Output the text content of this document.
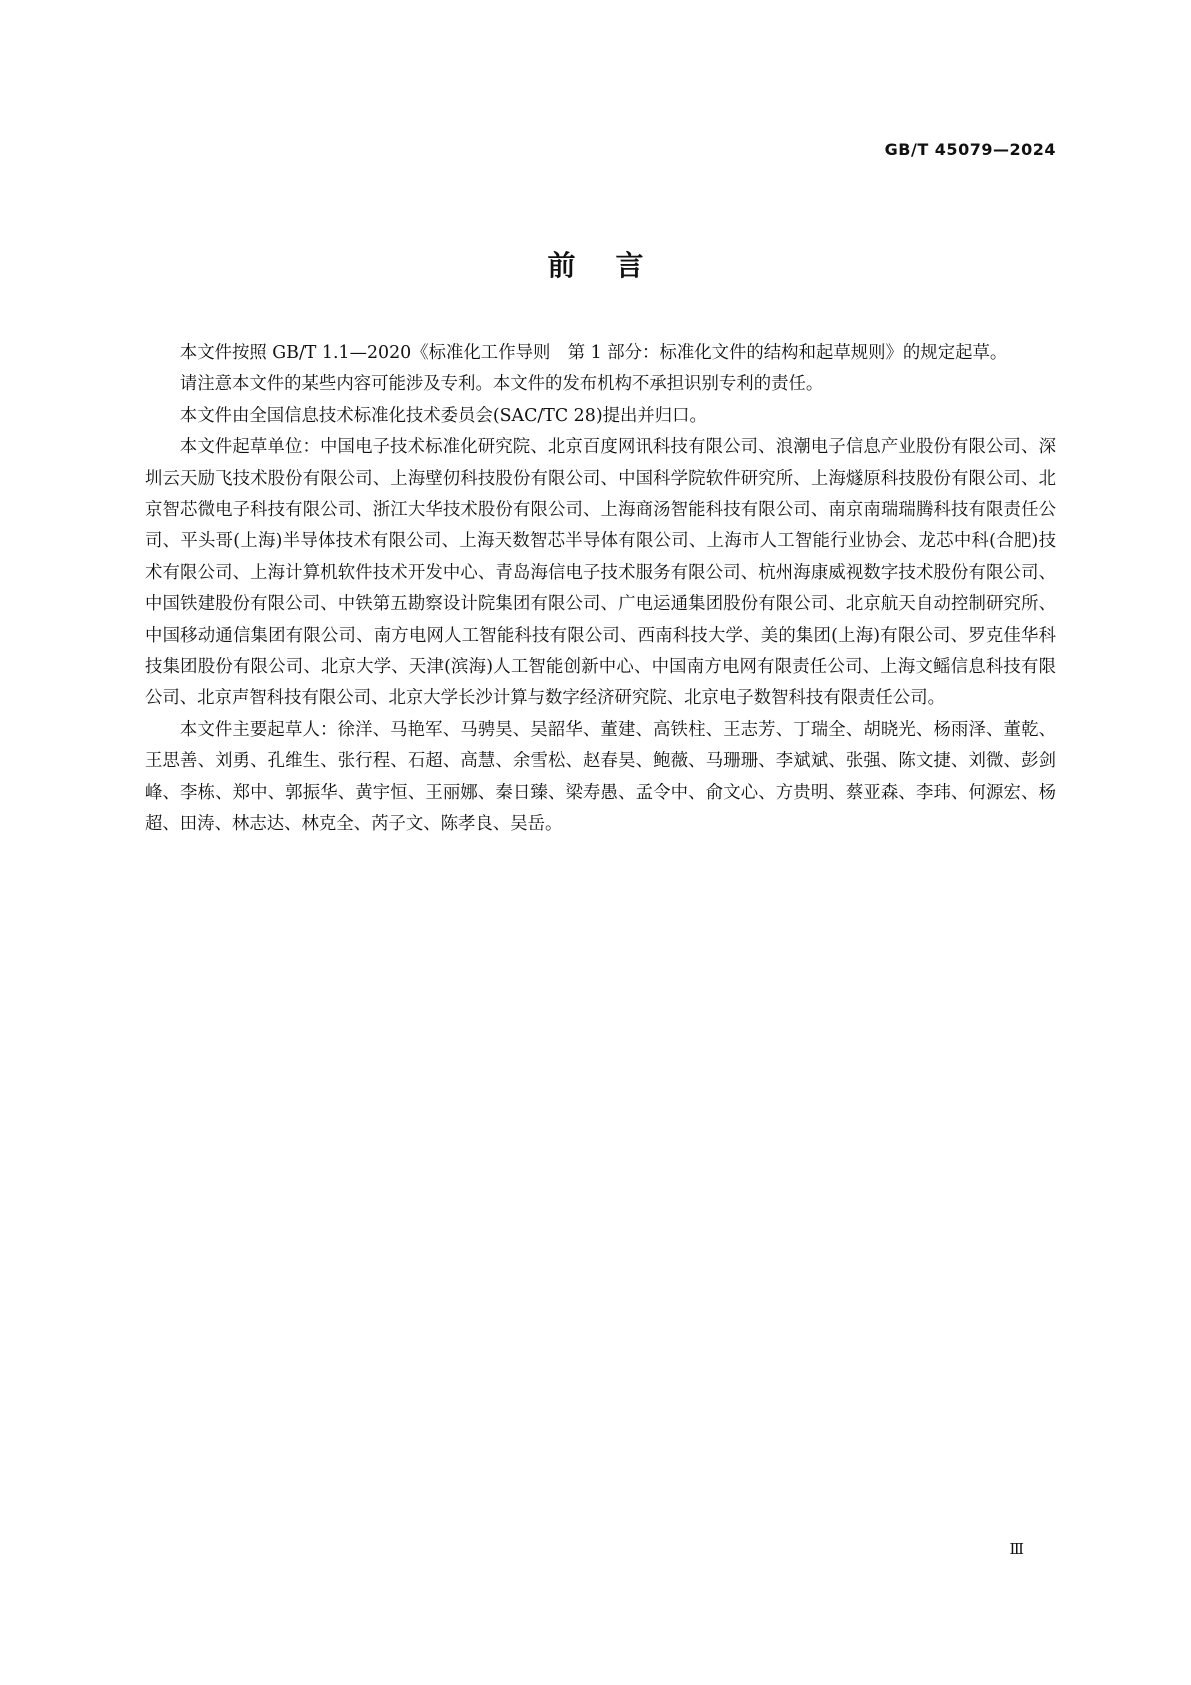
GB/T 45079—2024
前言

本文件按照 GB/T 1.1—2020《标准化工作导则　第 1 部分：标准化文件的结构和起草规则》的规定起草。

请注意本文件的某些内容可能涉及专利。本文件的发布机构不承担识别专利的责任。

本文件由全国信息技术标准化技术委员会(SAC/TC 28)提出并归口。

本文件起草单位：中国电子技术标准化研究院、北京百度网讯科技有限公司、浪潮电子信息产业股份有限公司、深圳云天励飞技术股份有限公司、上海壁仞科技股份有限公司、中国科学院软件研究所、上海燧原科技股份有限公司、北京智芯微电子科技有限公司、浙江大华技术股份有限公司、上海商汤智能科技有限公司、南京南瑞瑞腾科技有限责任公司、平头哥(上海)半导体技术有限公司、上海天数智芯半导体有限公司、上海市人工智能行业协会、龙芯中科(合肥)技术有限公司、上海计算机软件技术开发中心、青岛海信电子技术服务有限公司、杭州海康威视数字技术股份有限公司、中国铁建股份有限公司、中铁第五勘察设计院集团有限公司、广电运通集团股份有限公司、北京航天自动控制研究所、中国移动通信集团有限公司、南方电网人工智能科技有限公司、西南科技大学、美的集团(上海)有限公司、罗克佳华科技集团股份有限公司、北京大学、天津(滨海)人工智能创新中心、中国南方电网有限责任公司、上海文鳐信息科技有限公司、北京声智科技有限公司、北京大学长沙计算与数字经济研究院、北京电子数智科技有限责任公司。

本文件主要起草人：徐洋、马艳军、马骋昊、吴韶华、董建、高铁柱、王志芳、丁瑞全、胡晓光、杨雨泽、董乾、王思善、刘勇、孔维生、张行程、石超、高慧、余雪松、赵春昊、鲍薇、马珊珊、李斌斌、张强、陈文捷、刘微、彭剑峰、李栋、郑中、郭振华、黄宇恒、王丽娜、秦日臻、梁寿愚、孟令中、俞文心、方贵明、蔡亚森、李玮、何源宏、杨超、田涛、林志达、林克全、芮子文、陈孝良、吴岳。

Ⅲ
